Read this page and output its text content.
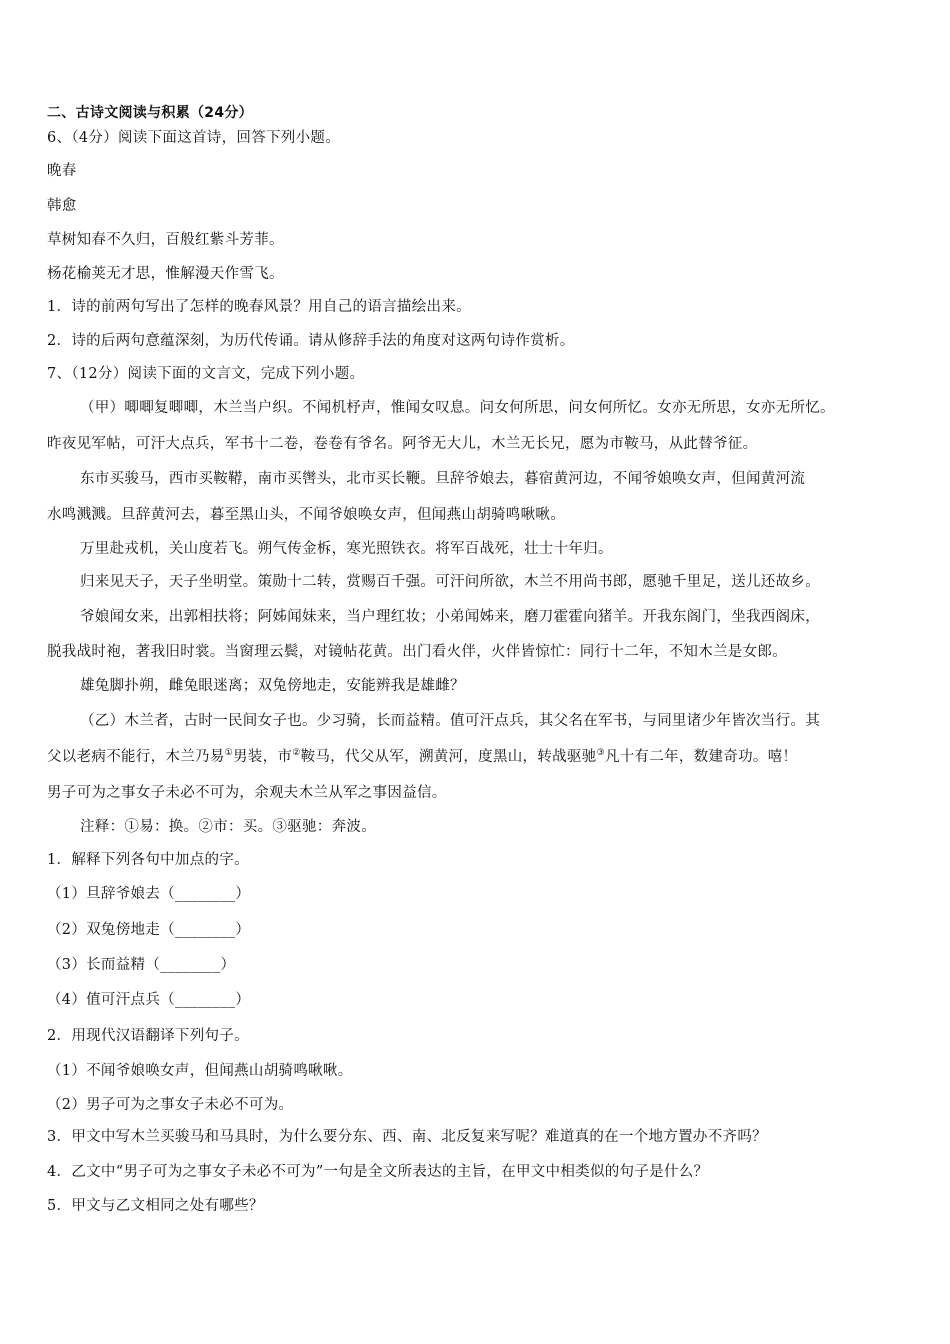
二、古诗文阅读与积累（24分）
6、（4分）阅读下面这首诗，回答下列小题。
晚春
韩愈
草树知春不久归，百般红紫斗芳菲。
杨花榆荚无才思，惟解漫天作雪飞。
1．诗的前两句写出了怎样的晚春风景？用自己的语言描绘出来。
2．诗的后两句意蕴深刻，为历代传诵。请从修辞手法的角度对这两句诗作赏析。
7、（12分）阅读下面的文言文，完成下列小题。
（甲）唧唧复唧唧，木兰当户织。不闻机杼声，惟闻女叹息。问女何所思，问女何所忆。女亦无所思，女亦无所忆。
昨夜见军帖，可汗大点兵，军书十二卷，卷卷有爷名。阿爷无大儿，木兰无长兄，愿为市鞍马，从此替爷征。
东市买骏马，西市买鞍鞯，南市买辔头，北市买长鞭。旦辞爷娘去，暮宿黄河边，不闻爷娘唤女声，但闻黄河流
水鸣溅溅。旦辞黄河去，暮至黑山头，不闻爷娘唤女声，但闻燕山胡骑鸣啾啾。
万里赴戎机，关山度若飞。朔气传金柝，寒光照铁衣。将军百战死，壮士十年归。
归来见天子，天子坐明堂。策勋十二转，赏赐百千强。可汗问所欲，木兰不用尚书郎，愿驰千里足，送儿还故乡。
爷娘闻女来，出郭相扶将；阿姊闻妹来，当户理红妆；小弟闻姊来，磨刀霍霍向猪羊。开我东阁门，坐我西阁床，
脱我战时袍，著我旧时裳。当窗理云鬓，对镜帖花黄。出门看火伴，火伴皆惊忙：同行十二年，不知木兰是女郎。
雄兔脚扑朔，雌兔眼迷离；双兔傍地走，安能辨我是雄雌？
（乙）木兰者，古时一民间女子也。少习骑，长而益精。值可汗点兵，其父名在军书，与同里诸少年皆次当行。其
父以老病不能行，木兰乃易①男装，市②鞍马，代父从军，溯黄河，度黑山，转战驱驰③凡十有二年，数建奇功。嘻！
男子可为之事女子未必不可为，余观夫木兰从军之事因益信。
注释：①易：换。②市：买。③驱驰：奔波。
1．解释下列各句中加点的字。
（1）旦辞爷娘去（________）
（2）双兔傍地走（________）
（3）长而益精（________）
（4）值可汗点兵（________）
2．用现代汉语翻译下列句子。
（1）不闻爷娘唤女声，但闻燕山胡骑鸣啾啾。
（2）男子可为之事女子未必不可为。
3．甲文中写木兰买骏马和马具时，为什么要分东、西、南、北反复来写呢？难道真的在一个地方置办不齐吗？
4．乙文中“男子可为之事女子未必不可为”一句是全文所表达的主旨，在甲文中相类似的句子是什么？
5．甲文与乙文相同之处有哪些？
